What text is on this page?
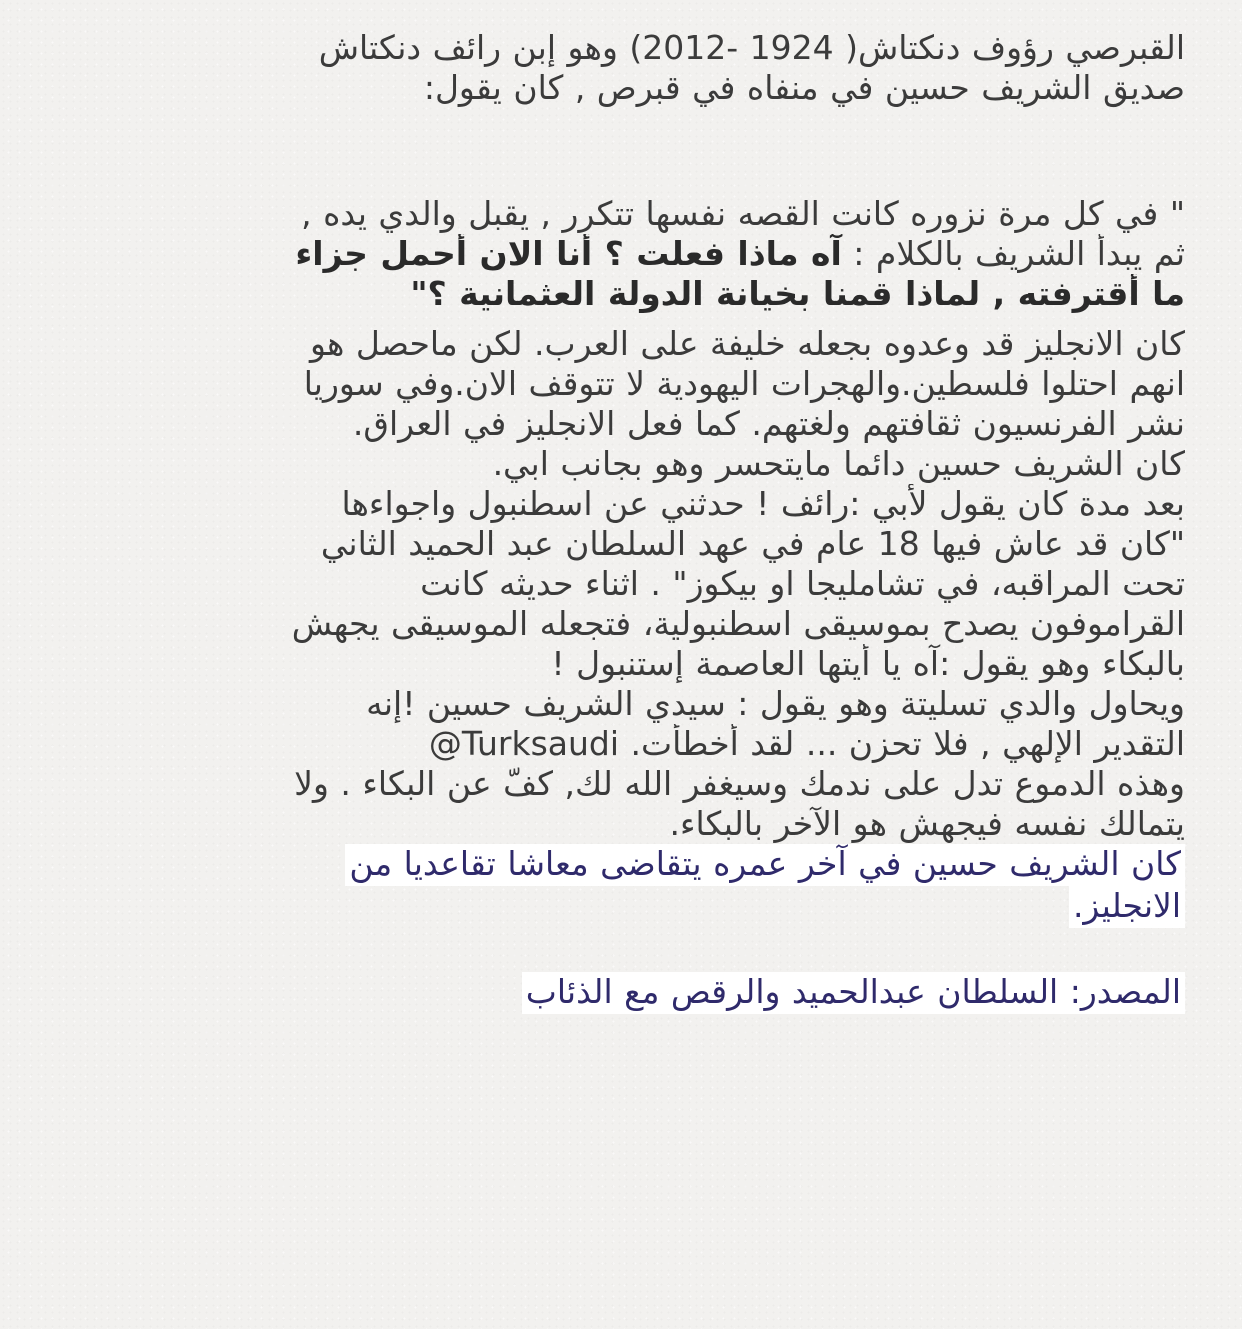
القبرصي رؤوف دنكتاش( 1924 -2012) وهو إبن رائف دنكتاش
صديق الشريف حسين في منفاه في قبرص , كان يقول:
" في كل مرة نزوره كانت القصه نفسها تتكرر , يقبل والدي يده ,
ثم يبدأ الشريف بالكلام : آه ماذا فعلت ؟ أنا الان أحمل جزاء
ما أقترفته , لماذا قمنا بخيانة الدولة العثمانية ؟"
كان الانجليز قد وعدوه بجعله خليفة على العرب. لكن ماحصل هو
انهم احتلوا فلسطين.والهجرات اليهودية لا تتوقف الان.وفي سوريا
نشر الفرنسيون ثقافتهم ولغتهم. كما فعل الانجليز في العراق.
كان الشريف حسين دائما مايتحسر وهو بجانب ابي.
بعد مدة كان يقول لأبي :رائف ! حدثني عن اسطنبول واجواءها
"كان قد عاش فيها 18 عام في عهد السلطان عبد الحميد الثاني
تحت المراقبه، في تشامليجا او بيكوز" . اثناء حديثه كانت
القراموفون يصدح بموسيقى اسطنبولية، فتجعله الموسيقى يجهش
بالبكاء وهو يقول :آه يا أيتها العاصمة إستنبول !
ويحاول والدي تسليتة وهو يقول : سيدي الشريف حسين !إنه
التقدير الإلهي , فلا تحزن ... لقد أخطأت. @Turksaudi
وهذه الدموع تدل على ندمك وسيغفر الله لك, كفّ عن البكاء . ولا
يتمالك نفسه فيجهش هو الآخر بالبكاء.
كان الشريف حسين في آخر عمره يتقاضى معاشا تقاعديا من
الانجليز.
المصدر: السلطان عبدالحميد والرقص مع الذئاب
